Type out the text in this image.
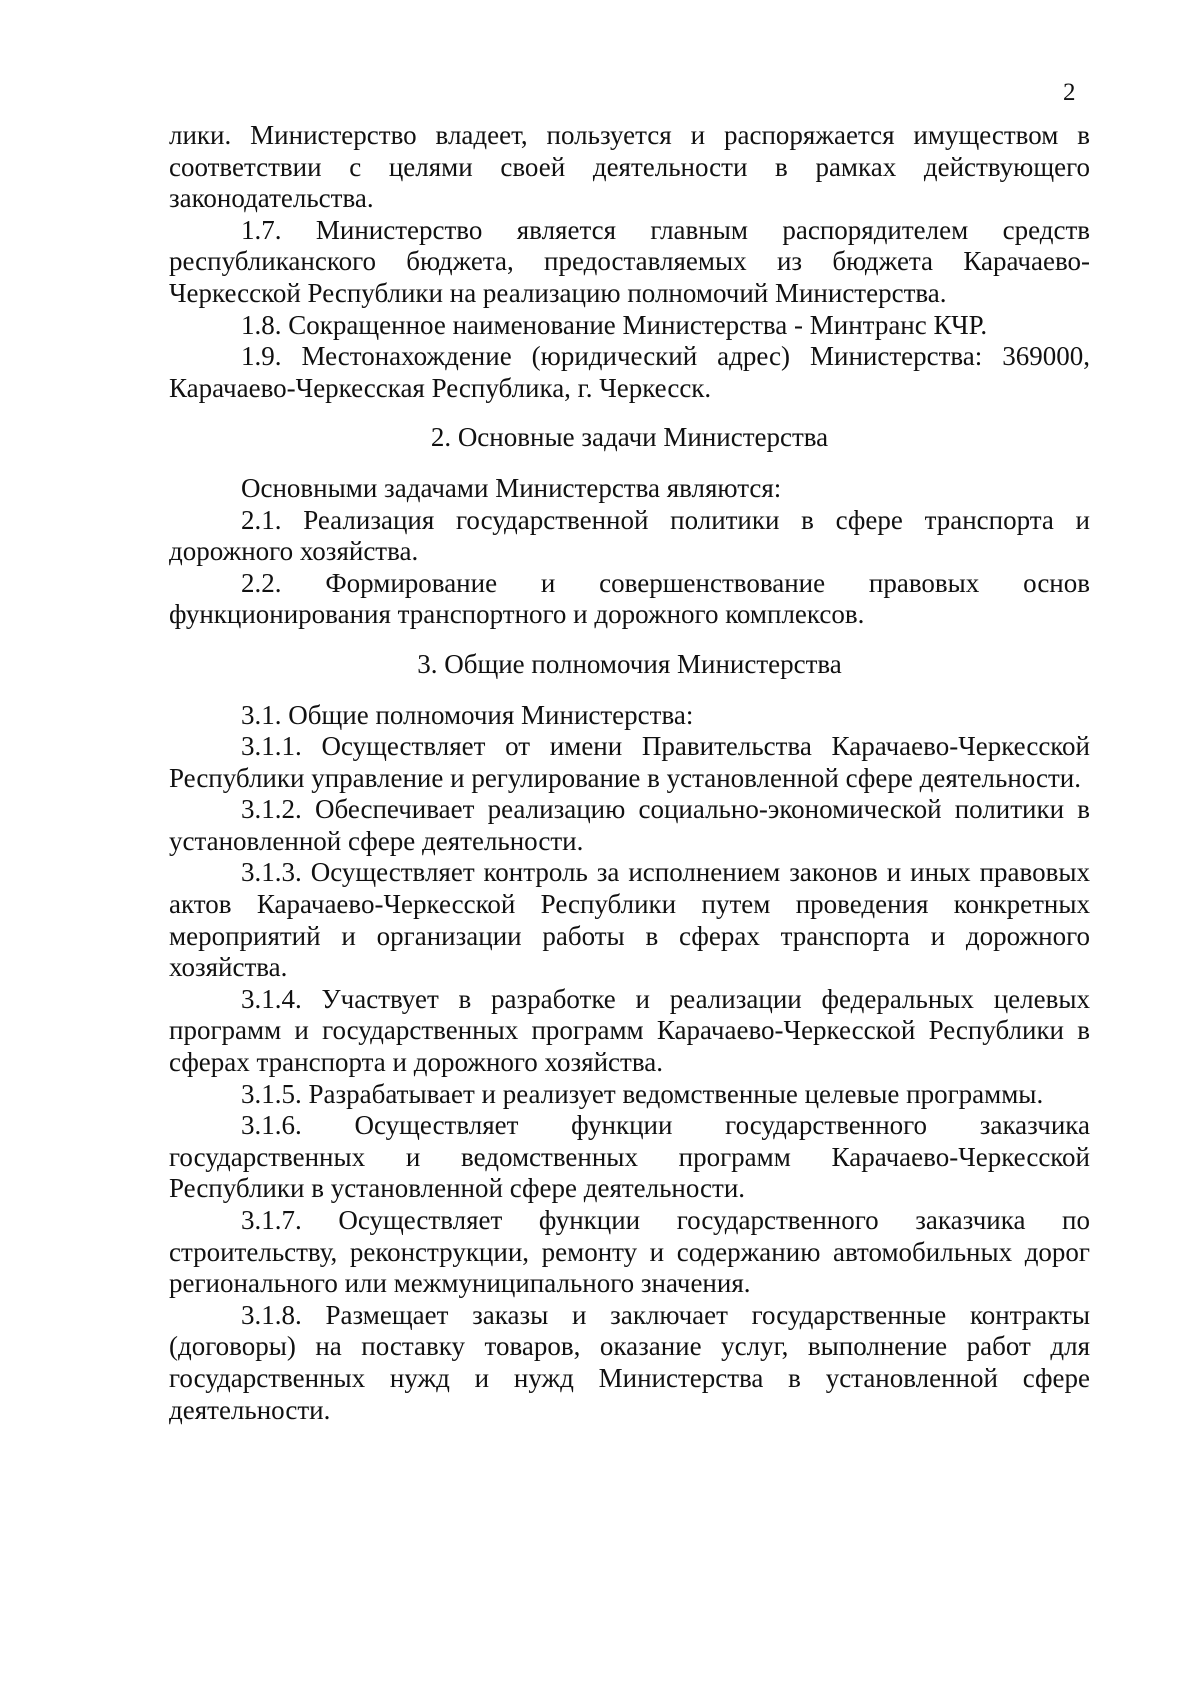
2

лики. Министерство владеет, пользуется и распоряжается имуществом в соответствии с целями своей деятельности в рамках действующего законодательства.

1.7. Министерство является главным распорядителем средств республиканского бюджета, предоставляемых из бюджета Карачаево-Черкесской Республики на реализацию полномочий Министерства.

1.8. Сокращенное наименование Министерства - Минтранс КЧР.

1.9. Местонахождение (юридический адрес) Министерства: 369000, Карачаево-Черкесская Республика, г. Черкесск.

2. Основные задачи Министерства

Основными задачами Министерства являются:

2.1. Реализация государственной политики в сфере транспорта и дорожного хозяйства.

2.2. Формирование и совершенствование правовых основ функционирования транспортного и дорожного комплексов.

3. Общие полномочия Министерства

3.1. Общие полномочия Министерства:

3.1.1. Осуществляет от имени Правительства Карачаево-Черкесской Республики управление и регулирование в установленной сфере деятельности.

3.1.2. Обеспечивает реализацию социально-экономической политики в установленной сфере деятельности.

3.1.3. Осуществляет контроль за исполнением законов и иных правовых актов Карачаево-Черкесской Республики путем проведения конкретных мероприятий и организации работы в сферах транспорта и дорожного хозяйства.

3.1.4. Участвует в разработке и реализации федеральных целевых программ и государственных программ Карачаево-Черкесской Республики в сферах транспорта и дорожного хозяйства.

3.1.5. Разрабатывает и реализует ведомственные целевые программы.

3.1.6. Осуществляет функции государственного заказчика государственных и ведомственных программ Карачаево-Черкесской Республики в установленной сфере деятельности.

3.1.7. Осуществляет функции государственного заказчика по строительству, реконструкции, ремонту и содержанию автомобильных дорог регионального или межмуниципального значения.

3.1.8. Размещает заказы и заключает государственные контракты (договоры) на поставку товаров, оказание услуг, выполнение работ для государственных нужд и нужд Министерства в установленной сфере деятельности.
